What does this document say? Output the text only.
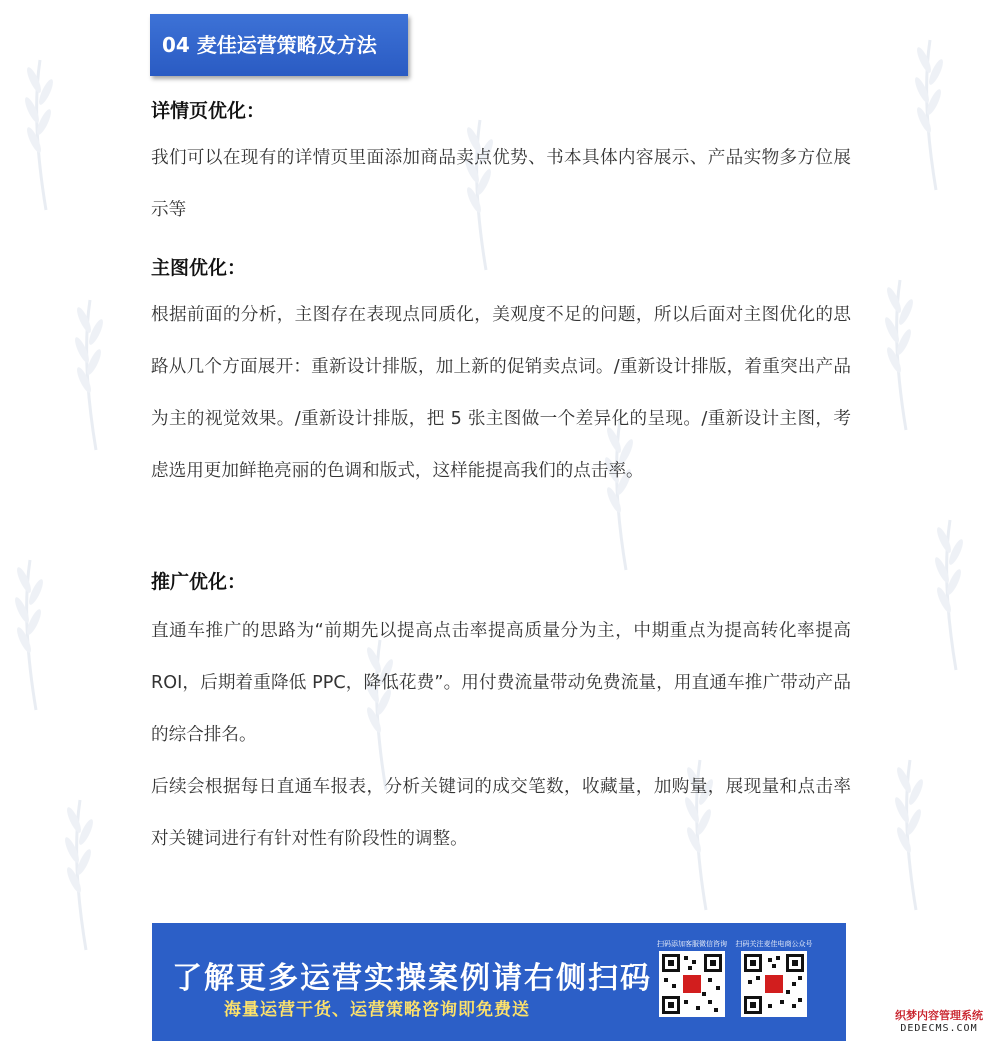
04 麦佳运营策略及方法
详情页优化：

我们可以在现有的详情页里面添加商品卖点优势、书本具体内容展示、产品实物多方位展示等

主图优化：

根据前面的分析，主图存在表现点同质化，美观度不足的问题，所以后面对主图优化的思路从几个方面展开：重新设计排版，加上新的促销卖点词。/重新设计排版，着重突出产品为主的视觉效果。/重新设计排版，把 5 张主图做一个差异化的呈现。/重新设计主图，考虑选用更加鲜艳亮丽的色调和版式，这样能提高我们的点击率。

推广优化：

直通车推广的思路为“前期先以提高点击率提高质量分为主，中期重点为提高转化率提高 ROI，后期着重降低 PPC，降低花费”。用付费流量带动免费流量，用直通车推广带动产品的综合排名。

后续会根据每日直通车报表，分析关键词的成交笔数，收藏量，加购量，展现量和点击率对关键词进行有针对性有阶段性的调整。

了解更多运营实操案例请右侧扫码

海量运营干货、运营策略咨询即免费送

扫码添加客服微信咨询	扫码关注麦佳电商公众号
织梦内容管理系统
DEDECMS.COM
